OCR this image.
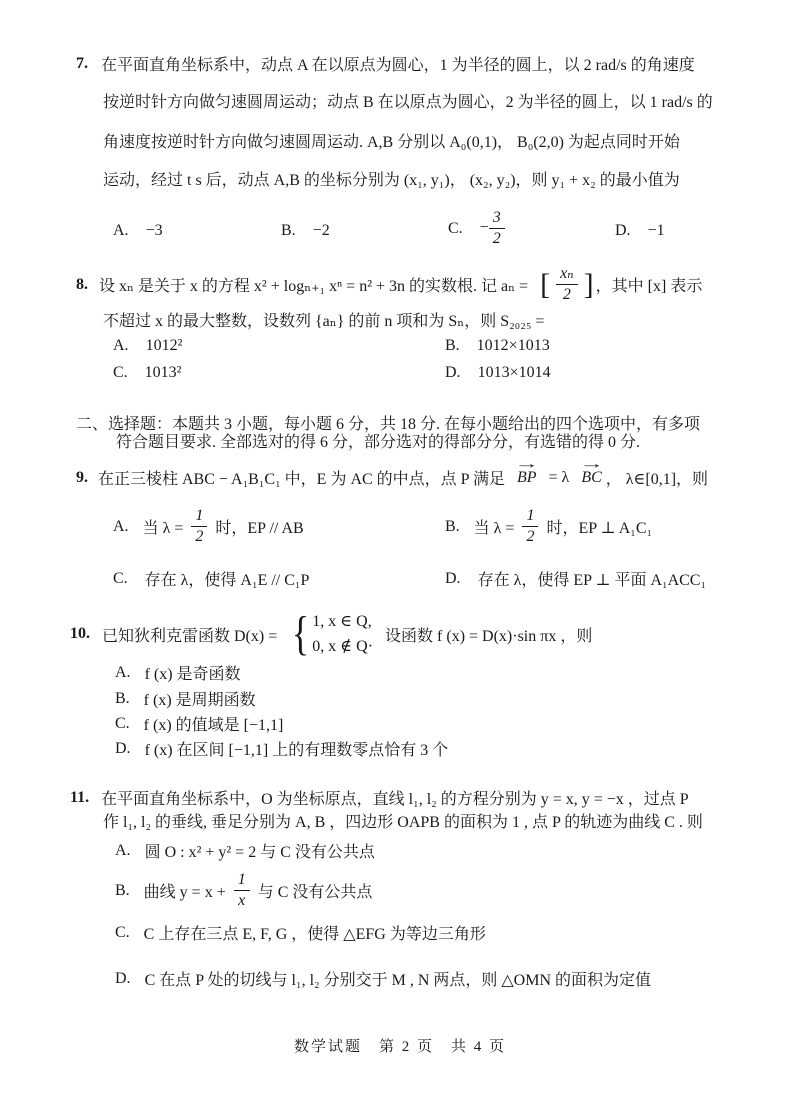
7. 在平面直角坐标系中，动点 A 在以原点为圆心，1 为半径的圆上，以 2 rad/s 的角速度
按逆时针方向做匀速圆周运动；动点 B 在以原点为圆心，2 为半径的圆上，以 1 rad/s 的
角速度按逆时针方向做匀速圆周运动. A,B 分别以 A₀(0,1)， B₀(2,0) 为起点同时开始
运动，经过 t s 后，动点 A,B 的坐标分别为 (x₁, y₁)， (x₂, y₂)，则 y₁ + x₂ 的最小值为
A. −3	B. −2	C. − $\frac{3}{2}$	D. −1
8. 设 xₙ 是关于 x 的方程 x² + logₙ₊₁ xⁿ = n² + 3n 的实数根. 记 aₙ = [ $\frac{\text{xₙ}}{2}$ ] ，其中 [x] 表示
不超过 x 的最大整数，设数列 {aₙ} 的前 n 项和为 Sₙ，则 S₂₀₂₅ =
A. 1012²	B. 1012×1013
C. 1013²	D. 1013×1014
二、 选择题：本题共 3 小题，每小题 6 分，共 18 分. 在每小题给出的四个选项中，有多项
符合题目要求. 全部选对的得 6 分，部分选对的得部分分，有选错的得 0 分.
9. 在正三棱柱 ABC − A₁B₁C₁ 中，E 为 AC 的中点，点 P 满足 → BP = λ → BC ， λ∈[0,1]，则
A. 当 $\lambda = \frac{1}{2}$ 时，EP // AB	B. 当 $\lambda = \frac{1}{2}$ 时，EP ⊥ A₁C₁
C. 存在 λ，使得 A₁E // C₁P	D. 存在 λ，使得 EP ⊥ 平面 A₁ACC₁
10. 已知狄利克雷函数 D(x) = { 1, x ∈ Q,
0, x ∉ Q·
设函数 f (x) = D(x)·sin πx ，则
A. f (x) 是奇函数
B. f (x) 是周期函数
C. f (x) 的值域是 [−1,1]
D. f (x) 在区间 [−1,1] 上的有理数零点恰有 3 个
11. 在平面直角坐标系中，O 为坐标原点，直线 l₁, l₂ 的方程分别为 y = x, y = −x ，过点 P
作 l₁, l₂ 的垂线, 垂足分别为 A, B ，四边形 OAPB 的面积为 1 , 点 P 的轨迹为曲线 C . 则
A. 圆 O : x² + y² = 2 与 C 没有公共点
B. 曲线 $y = x + \frac{1}{x}$ 与 C 没有公共点
C. C 上存在三点 E, F, G ，使得 △EFG 为等边三角形
D. C 在点 P 处的切线与 l₁, l₂ 分别交于 M , N 两点，则 △OMN 的面积为定值
数学试题　第 2 页　共 4 页
